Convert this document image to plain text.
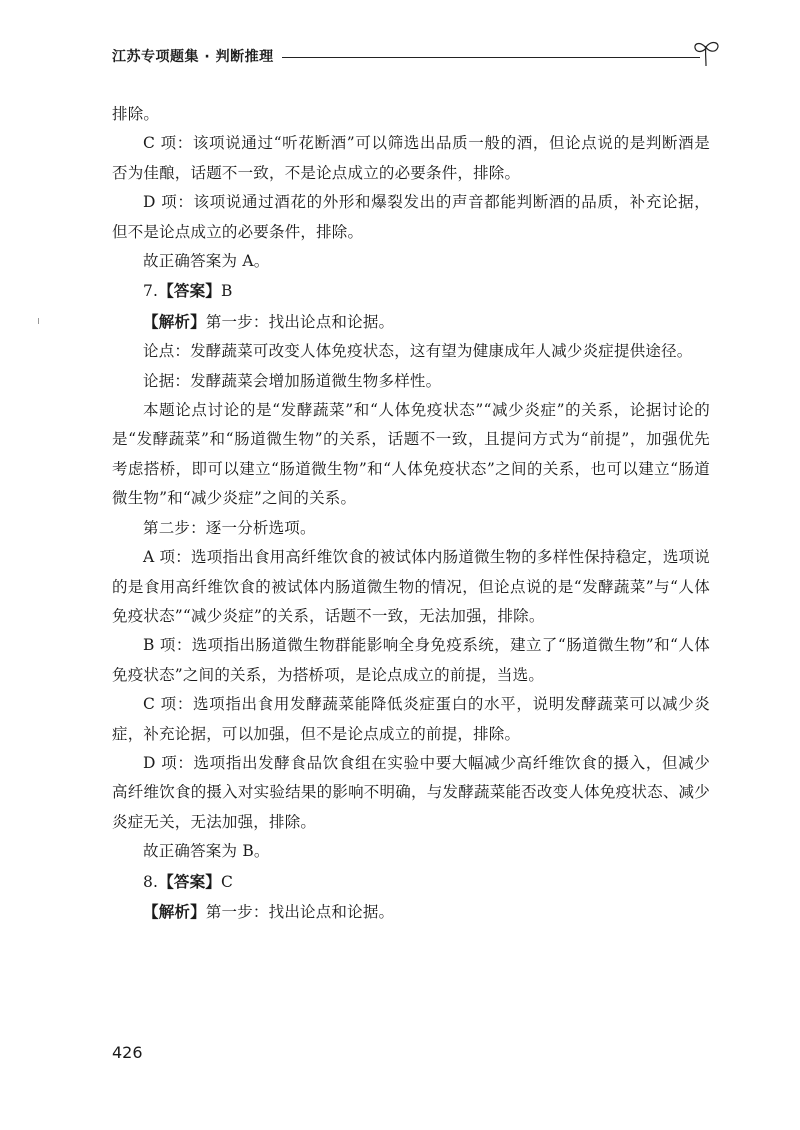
江苏专项题集 · 判断推理

排除。

C 项：该项说通过“听花断酒”可以筛选出品质一般的酒，但论点说的是判断酒是否为佳酿，话题不一致，不是论点成立的必要条件，排除。

D 项：该项说通过酒花的外形和爆裂发出的声音都能判断酒的品质，补充论据，但不是论点成立的必要条件，排除。

故正确答案为 A。

7.【答案】B

【解析】第一步：找出论点和论据。

论点：发酵蔬菜可改变人体免疫状态，这有望为健康成年人减少炎症提供途径。

论据：发酵蔬菜会增加肠道微生物多样性。

本题论点讨论的是“发酵蔬菜”和“人体免疫状态”“减少炎症”的关系，论据讨论的是“发酵蔬菜”和“肠道微生物”的关系，话题不一致，且提问方式为“前提”，加强优先考虑搭桥，即可以建立“肠道微生物”和“人体免疫状态”之间的关系，也可以建立“肠道微生物”和“减少炎症”之间的关系。

第二步：逐一分析选项。

A 项：选项指出食用高纤维饮食的被试体内肠道微生物的多样性保持稳定，选项说的是食用高纤维饮食的被试体内肠道微生物的情况，但论点说的是“发酵蔬菜”与“人体免疫状态”“减少炎症”的关系，话题不一致，无法加强，排除。

B 项：选项指出肠道微生物群能影响全身免疫系统，建立了“肠道微生物”和“人体免疫状态”之间的关系，为搭桥项，是论点成立的前提，当选。

C 项：选项指出食用发酵蔬菜能降低炎症蛋白的水平，说明发酵蔬菜可以减少炎症，补充论据，可以加强，但不是论点成立的前提，排除。

D 项：选项指出发酵食品饮食组在实验中要大幅减少高纤维饮食的摄入，但减少高纤维饮食的摄入对实验结果的影响不明确，与发酵蔬菜能否改变人体免疫状态、减少炎症无关，无法加强，排除。

故正确答案为 B。

8.【答案】C

【解析】第一步：找出论点和论据。

426
